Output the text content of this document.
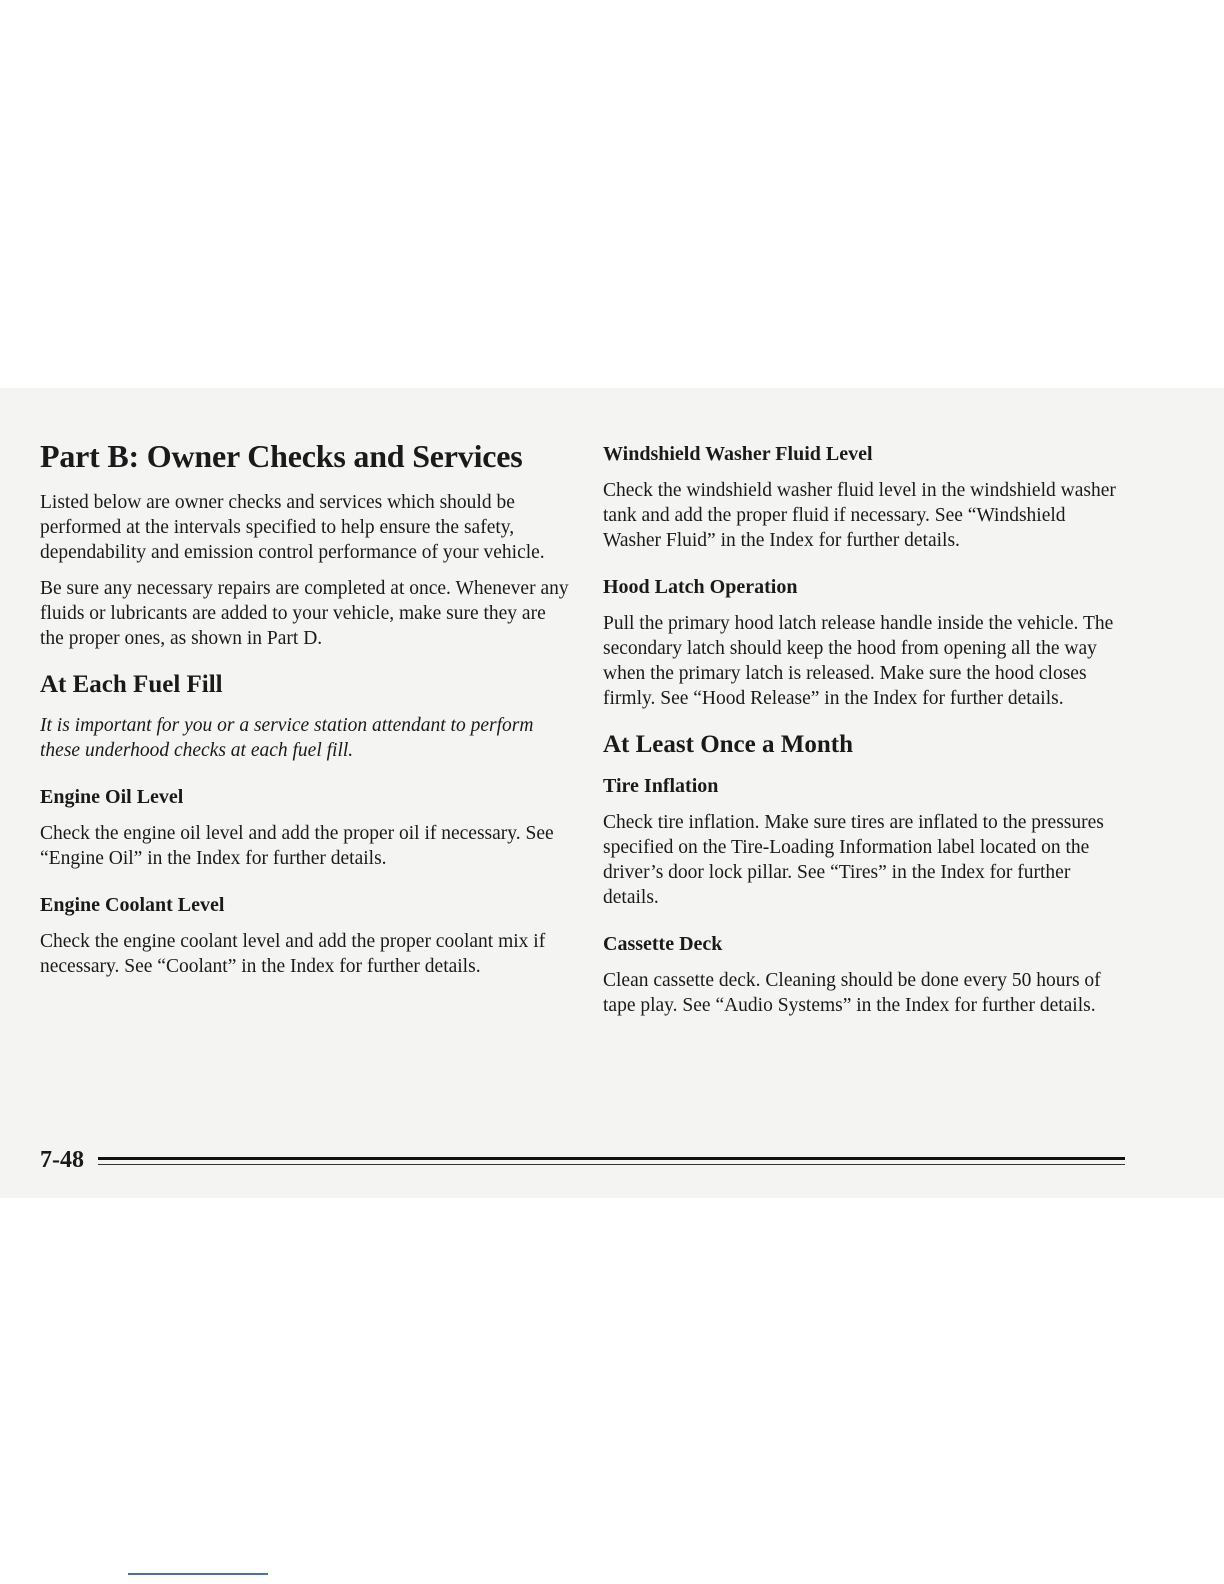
Part B: Owner Checks and Services

Listed below are owner checks and services which should be performed at the intervals specified to help ensure the safety, dependability and emission control performance of your vehicle.

Be sure any necessary repairs are completed at once. Whenever any fluids or lubricants are added to your vehicle, make sure they are the proper ones, as shown in Part D.

At Each Fuel Fill

It is important for you or a service station attendant to perform these underhood checks at each fuel fill.

Engine Oil Level

Check the engine oil level and add the proper oil if necessary. See “Engine Oil” in the Index for further details.

Engine Coolant Level

Check the engine coolant level and add the proper coolant mix if necessary. See “Coolant” in the Index for further details.

Windshield Washer Fluid Level

Check the windshield washer fluid level in the windshield washer tank and add the proper fluid if necessary. See “Windshield Washer Fluid” in the Index for further details.

Hood Latch Operation

Pull the primary hood latch release handle inside the vehicle. The secondary latch should keep the hood from opening all the way when the primary latch is released. Make sure the hood closes firmly. See “Hood Release” in the Index for further details.

At Least Once a Month
Tire Inflation

Check tire inflation. Make sure tires are inflated to the pressures specified on the Tire-Loading Information label located on the driver’s door lock pillar. See “Tires” in the Index for further details.

Cassette Deck

Clean cassette deck. Cleaning should be done every 50 hours of tape play. See “Audio Systems” in the Index for further details.

7-48
